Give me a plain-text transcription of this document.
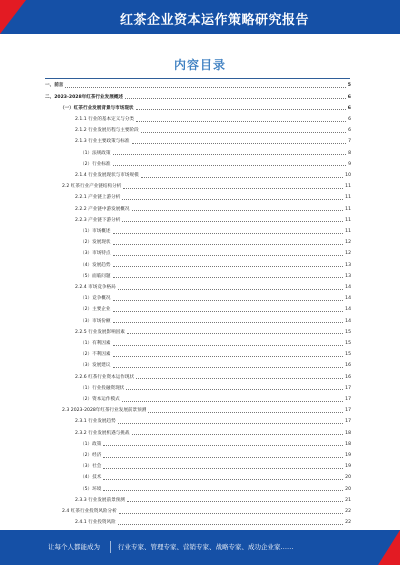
红茶企业资本运作策略研究报告
内容目录
一、前言	5
二、2023-2028年红茶行业发展概述	6
（一）红茶行业发展背景与市场现状	6
2.1.1 行业的基本定义与分类	6
2.1.2 行业发展历程与主要阶段	6
2.1.3 行业主要政策与标准	7
（1）法规政策	8
（2）行业标准	9
2.1.4 行业发展现状与市场规模	10
2.2 红茶行业产业链结构分析	11
2.2.1 产业链上游分析	11
2.2.2 产业链中游发展概况	11
2.2.3 产业链下游分析	11
（1）市场概述	11
（2）发展现状	12
（3）市场特点	12
（4）发展趋势	13
（5）面临问题	13
2.2.4 市场竞争格局	14
（1）竞争概况	14
（2）主要企业	14
（3）市场份额	14
2.2.5 行业发展影响因素	15
（1）有利因素	15
（2）不利因素	15
（3）发展建议	16
2.2.6 红茶行业资本运作现状	16
（1）行业投融资现状	17
（2）资本运作模式	17
2.3 2023-2028年红茶行业发展前景预测	17
2.3.1 行业发展趋势	17
2.3.2 行业发展机遇与挑战	18
（1）政策	18
（2）经济	19
（3）社会	19
（4）技术	20
（5）环境	20
2.3.3 行业发展前景预测	21
2.4 红茶行业投资风险分析	22
2.4.1 行业投资风险	22
让每个人都能成为	行业专家、管理专家、营销专家、战略专家、成功企业家……
